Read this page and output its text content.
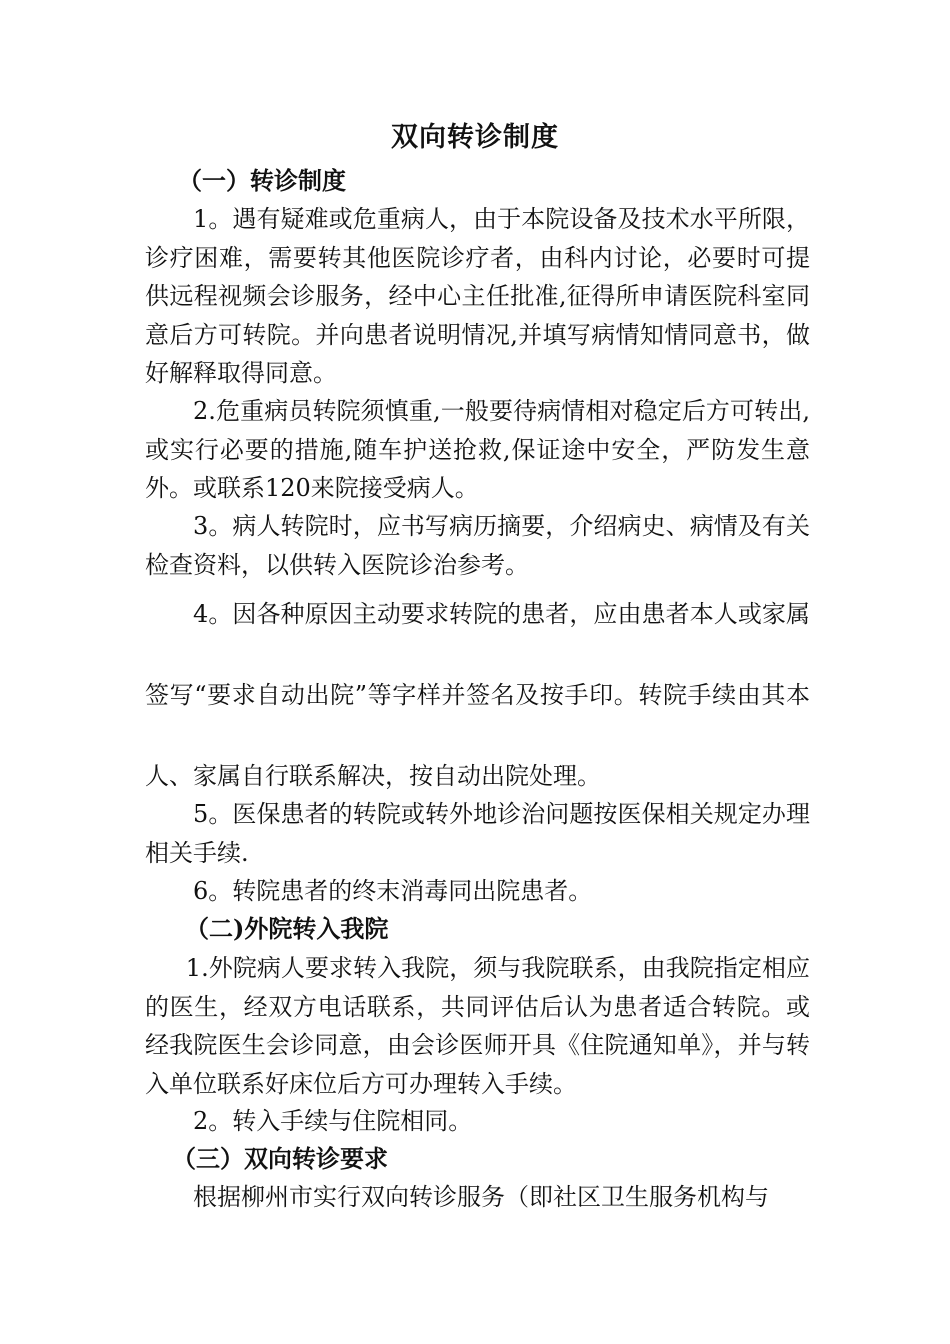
双向转诊制度
（一）转诊制度

1。遇有疑难或危重病人，由于本院设备及技术水平所限，诊疗困难，需要转其他医院诊疗者，由科内讨论，必要时可提供远程视频会诊服务，经中心主任批准,征得所申请医院科室同意后方可转院。并向患者说明情况,并填写病情知情同意书，做好解释取得同意。

2.危重病员转院须慎重,一般要待病情相对稳定后方可转出,或实行必要的措施,随车护送抢救,保证途中安全，严防发生意外。或联系120来院接受病人。

3。病人转院时，应书写病历摘要，介绍病史、病情及有关检查资料，以供转入医院诊治参考。

4。因各种原因主动要求转院的患者，应由患者本人或家属签写“要求自动出院”等字样并签名及按手印。转院手续由其本人、家属自行联系解决，按自动出院处理。

5。医保患者的转院或转外地诊治问题按医保相关规定办理相关手续.

6。转院患者的终末消毒同出院患者。

（二)外院转入我院

1.外院病人要求转入我院，须与我院联系，由我院指定相应的医生，经双方电话联系，共同评估后认为患者适合转院。或经我院医生会诊同意，由会诊医师开具《住院通知单》，并与转入单位联系好床位后方可办理转入手续。

2。转入手续与住院相同。

（三）双向转诊要求

根据柳州市实行双向转诊服务（即社区卫生服务机构与
